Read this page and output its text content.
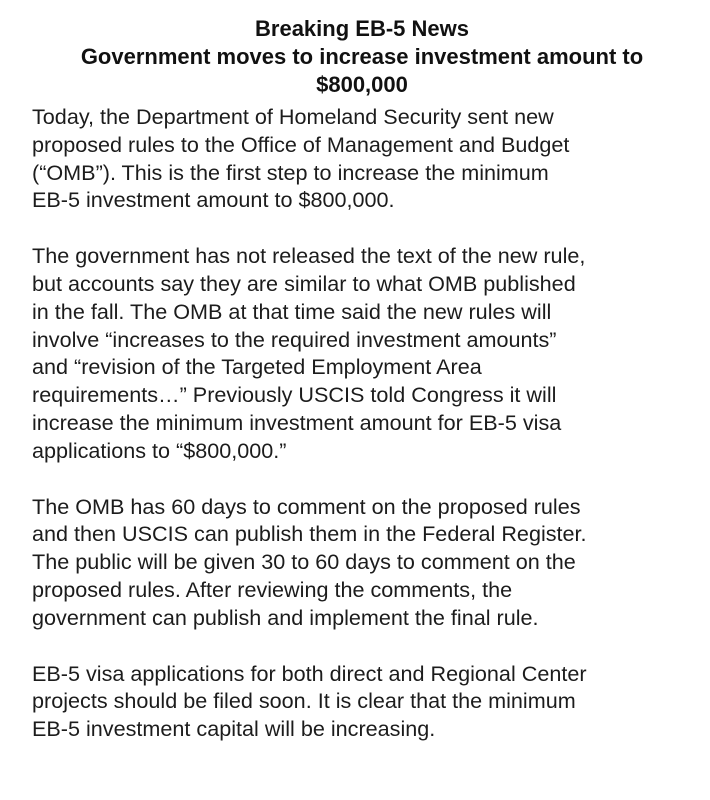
Breaking EB-5 News
Government moves to increase investment amount to
$800,000

Today, the Department of Homeland Security sent new
proposed rules to the Office of Management and Budget
(“OMB”). This is the first step to increase the minimum
EB-5 investment amount to $800,000.

The government has not released the text of the new rule,
but accounts say they are similar to what OMB published
in the fall. The OMB at that time said the new rules will
involve “increases to the required investment amounts”
and “revision of the Targeted Employment Area
requirements…” Previously USCIS told Congress it will
increase the minimum investment amount for EB-5 visa
applications to “$800,000.”

The OMB has 60 days to comment on the proposed rules
and then USCIS can publish them in the Federal Register.
The public will be given 30 to 60 days to comment on the
proposed rules. After reviewing the comments, the
government can publish and implement the final rule.

EB-5 visa applications for both direct and Regional Center
projects should be filed soon. It is clear that the minimum
EB-5 investment capital will be increasing.
